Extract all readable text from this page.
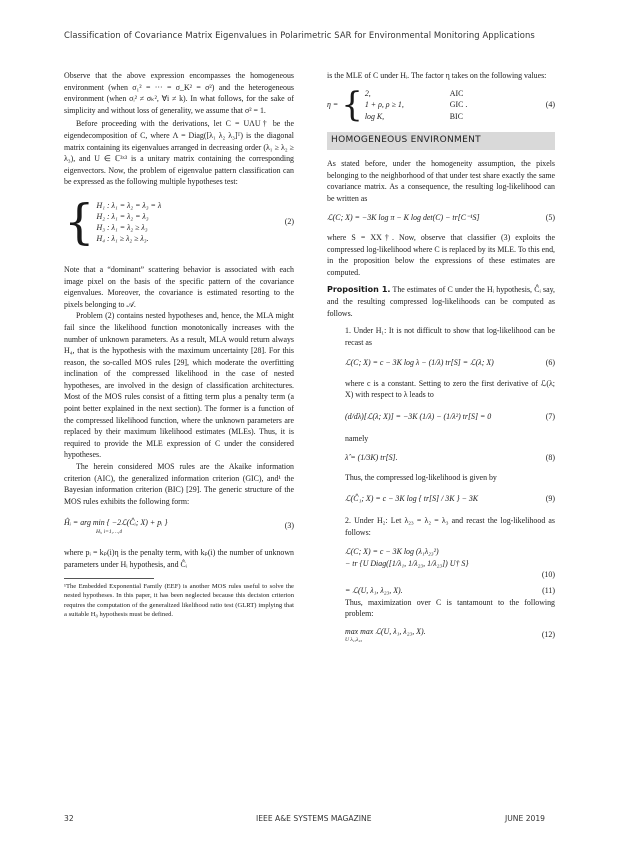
Classification of Covariance Matrix Eigenvalues in Polarimetric SAR for Environmental Monitoring Applications

Observe that the above expression encompasses the homogeneous environment (when σ₁² = ··· = σ_K² = σ²) and the heterogeneous environment (when σᵢ² ≠ σₖ², ∀i ≠ k). In what follows, for the sake of simplicity and without loss of generality, we assume that σ² = 1.

Before proceeding with the derivations, let C = UΛU† be the eigendecomposition of C, where Λ = Diag([λ₁ λ₂ λ₃]ᵀ) is the diagonal matrix containing its eigenvalues arranged in decreasing order (λ₁ ≥ λ₂ ≥ λ₃), and U ∈ ℂ³ˣ³ is a unitary matrix containing the corresponding eigenvectors. Now, the problem of eigenvalue pattern classification can be expressed as the following multiple hypotheses test:

{ H₁ : λ₁ = λ₂ = λ₃ = λ
H₂ : λ₁ = λ₂ = λ₃
H₃ : λ₁ = λ₂ ≥ λ₃
H₄ : λ₁ ≥ λ₂ ≥ λ₃.
(2)

Note that a “dominant” scattering behavior is associated with each image pixel on the basis of the specific pattern of the covariance eigenvalues. Moreover, the covariance is estimated resorting to the pixels belonging to 𝒜.

Problem (2) contains nested hypotheses and, hence, the MLA might fail since the likelihood function monotonically increases with the number of unknown parameters. As a result, MLA would return always H₄, that is the hypothesis with the maximum uncertainty [28]. For this reason, the so-called MOS rules [29], which moderate the overfitting inclination of the compressed likelihood in the case of nested hypotheses, are involved in the design of classification architectures. Most of the MOS rules consist of a fitting term plus a penalty term (a point better explained in the next section). The former is a function of the compressed likelihood function, where the unknown parameters are replaced by their maximum likelihood estimates (MLEs). Thus, it is required to provide the MLE expression of C under the considered hypotheses.

The herein considered MOS rules are the Akaike information criterion (AIC), the generalized information criterion (GIC), and¹ the Bayesian information criterion (BIC) [29]. The generic structure of the MOS rules exhibits the following form:

Ĥᵢ = arg min { −2ℒ(Ĉᵢ; X) + pᵢ }
Hᵢ, i=1,…,4
(3)

where pᵢ = kₚ(i)η is the penalty term, with kₚ(i) the number of unknown parameters under Hᵢ hypothesis, and Ĉᵢ

¹The Embedded Exponential Family (EEF) is another MOS rules useful to solve the nested hypotheses. In this paper, it has been neglected because this decision criterion requires the computation of the generalized likelihood ratio test (GLRT) implying that a suitable H₀ hypothesis must be defined.

is the MLE of C under Hᵢ. The factor η takes on the following values:

η = { 2,	AIC
1 + ρ, ρ ≥ 1,	GIC .
log K,	BIC
(4)
HOMOGENEOUS ENVIRONMENT

As stated before, under the homogeneity assumption, the pixels belonging to the neighborhood of that under test share exactly the same covariance matrix. As a consequence, the resulting log-likelihood can be written as

ℒ(C; X) = −3K log π − K log det(C) − tr[C⁻¹S]	(5)

where S = XX†. Now, observe that classifier (3) exploits the compressed log-likelihood where C is replaced by its MLE. To this end, in the proposition below the expressions of these estimates are computed.

Proposition 1. The estimates of C under the Hᵢ hypothesis, Ĉᵢ say, and the resulting compressed log-likelihoods can be computed as follows.

1. Under H₁: It is not difficult to show that log-likelihood can be recast as

ℒ(C; X) = c − 3K log λ − (1/λ) tr[S] = ℒ(λ; X)	(6)

where c is a constant. Setting to zero the first derivative of ℒ(λ; X) with respect to λ leads to

(d/dλ)[ℒ(λ; X)] = −3K (1/λ) − (1/λ²) tr[S] = 0	(7)

namely

λ̂ = (1/3K) tr[S].	(8)

Thus, the compressed log-likelihood is given by

ℒ(Ĉ₁; X) = c − 3K log { tr[S] / 3K } − 3K	(9)

2. Under H₂: Let λ₂₃ = λ₂ = λ₃ and recast the log-likelihood as follows:

ℒ(C; X) = c − 3K log (λ₁λ₂₃²)
− tr {U Diag([1/λ₁, 1/λ₂₃, 1/λ₂₃]) U† S}
(10)
= ℒ(U, λ₁, λ₂₃, X).	(11)

Thus, maximization over C is tantamount to the following problem:

max max ℒ(U, λ₁, λ₂₃, X).
U λ₁,λ₂₃
(12)
32	IEEE A&E SYSTEMS MAGAZINE	JUNE 2019
